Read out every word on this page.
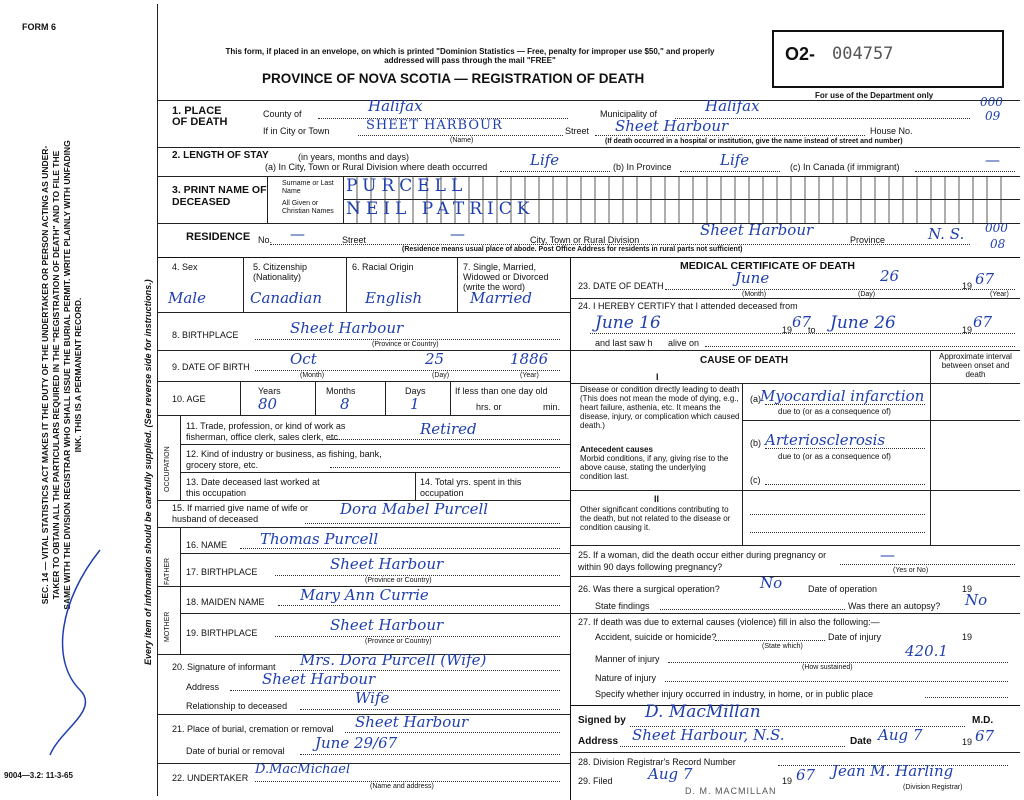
FORM 6
SEC. 14 — VITAL STATISTICS ACT MAKES IT THE DUTY OF THE UNDERTAKER OR PERSON ACTING AS UNDER-TAKER TO OBTAIN ALL THE PARTICULARS REQUIRED IN THE "REGISTRATION OF DEATH" AND TO FILE THE SAME WITH THE DIVISION REGISTRAR WHO SHALL ISSUE THE BURIAL PERMIT. WRITE PLAINLY WITH UNFADING INK. THIS IS A PERMANENT RECORD.	Every item of information should be carefully supplied. (See reverse side for instructions.)
9004—3.2: 11-3-65
This form, if placed in an envelope, on which is printed "Dominion Statistics — Free, penalty for improper use $50," and properly addressed will pass through the mail "FREE"
PROVINCE OF NOVA SCOTIA — REGISTRATION OF DEATH
O2- 004757
For use of the Department only
1. PLACE OF DEATH
County of	Halifax	Municipality of	Halifax	000
09
If in City or Town	SHEET HARBOUR
(Name)
Street Sheet Harbour	House No.
(If death occurred in a hospital or institution, give the name instead of street and number)
2. LENGTH OF STAY	(in years, months and days)
(a) In City, Town or Rural Division where death occurred	Life	(b) In Province	Life	(c) In Canada (if immigrant)	—
3. PRINT NAME OF DECEASED
Surname or Last Name
All Given or Christian Names
PURCELL
NEIL PATRICK
RESIDENCE No. —	Street	—	City, Town or Rural Division
Sheet Harbour
Province	N. S. 000
08
(Residence means usual place of abode. Post Office Address for residents in rural parts not sufficient)
4. Sex	5. Citizenship (Nationality)
6. Racial Origin	7. Single, Married, Widowed or Divorced (write the word)
Male	Canadian	English	Married
8. BIRTHPLACE	Sheet Harbour
(Province or Country)
9. DATE OF BIRTH	Oct	25	1886
(Month)	(Day)	(Year)
10. AGE
Years	Months	Days
80	8	1
If less than one day old
hrs. or	min.
OCCUPATION
11. Trade, profession, or kind of work as fisherman, office clerk, sales clerk, etc.	Retired
12. Kind of industry or business, as fishing, bank, grocery store, etc.
13. Date deceased last worked at this occupation
14. Total yrs. spent in this occupation
15. If married give name of wife or husband of deceased
Dora Mabel Purcell
FATHER
16. NAME Thomas Purcell
17. BIRTHPLACE	Sheet Harbour
(Province or Country)
MOTHER
18. MAIDEN NAME Mary Ann Currie
19. BIRTHPLACE	Sheet Harbour
(Province or Country)
20. Signature of informant Mrs. Dora Purcell (Wife)
Address	Sheet Harbour
Relationship to deceased	Wife
21. Place of burial, cremation or removal Sheet Harbour
Date of burial or removal June 29/67
22. UNDERTAKER
D.MacMichael
(Name and address)
MEDICAL CERTIFICATE OF DEATH
23. DATE OF DEATH	June	26
19 67
(Month)	(Day)	(Year)
24. I HEREBY CERTIFY that I attended deceased from
June 16	19 67
to June 26	19 67
and last saw h alive on
CAUSE OF DEATH	Approximate interval between onset and death
I
Disease or condition directly leading to death (This does not mean the mode of dying, e.g., heart failure, asthenia, etc. It means the disease, injury, or complication which caused death.)
(a) Myocardial infarction
due to (or as a consequence of)
Antecedent causes
Morbid conditions, if any, giving rise to the above cause, stating the underlying condition last.
(b) Arteriosclerosis
due to (or as a consequence of)
(c)
II
Other significant conditions contributing to the death, but not related to the disease or condition causing it.
25. If a woman, did the death occur either during pregnancy or within 90 days following pregnancy?
—
(Yes or No)
26. Was there a surgical operation?	No	Date of operation	19
State findings	Was there an autopsy? No
27. If death was due to external causes (violence) fill in also the following:—
Accident, suicide or homicide?	Date of injury	19
(State which)
Manner of injury	420.1
(How sustained)
Nature of injury
Specify whether injury occurred in industry, in home, or in public place
Signed by D. MacMillan	M.D.
Address Sheet Harbour, N.S.	Date Aug 7	19 67
28. Division Registrar's Record Number
29. Filed Aug 7	19 67 Jean M. Harling
(Division Registrar)
D. M. MACMILLAN
